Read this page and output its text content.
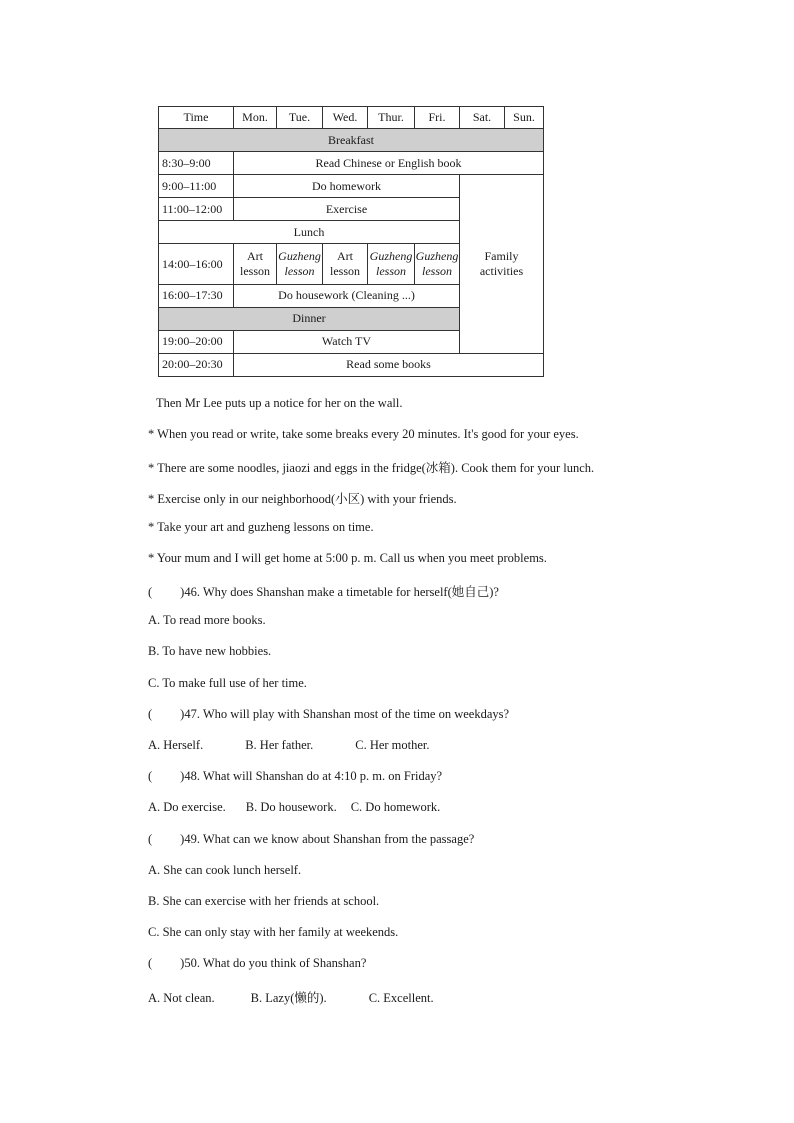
Time	Mon.	Tue.	Wed.	Thur.	Fri.	Sat.	Sun.
Breakfast							
8:30–9:00	Read Chinese or English book						
9:00–11:00	Do homework					Family activities	
11:00–12:00	Exercise						
Lunch							
14:00–16:00	Art lesson	Guzheng lesson	Art lesson	Guzheng lesson	Guzheng lesson		
16:00–17:30	Do housework (Cleaning ...)						
Dinner							
19:00–20:00	Watch TV						
20:00–20:30	Read some books						
Then Mr Lee puts up a notice for her on the wall.
* When you read or write, take some breaks every 20 minutes. It's good for your eyes.
* There are some noodles, jiaozi and eggs in the fridge(冰箱). Cook them for your lunch.
* Exercise only in our neighborhood(小区) with your friends.
* Take your art and guzheng lessons on time.
* Your mum and I will get home at 5:00 p. m. Call us when you meet problems.
( )46. Why does Shanshan make a timetable for herself(她自己)?
A. To read more books.
B. To have new hobbies.
C. To make full use of her time.
( )47. Who will play with Shanshan most of the time on weekdays?
A. Herself.	B. Her father.	C. Her mother.
( )48. What will Shanshan do at 4:10 p. m. on Friday?
A. Do exercise. B. Do housework. C. Do homework.
( )49. What can we know about Shanshan from the passage?
A. She can cook lunch herself.
B. She can exercise with her friends at school.
C. She can only stay with her family at weekends.
( )50. What do you think of Shanshan?
A. Not clean.	B. Lazy(懒的).	C. Excellent.
